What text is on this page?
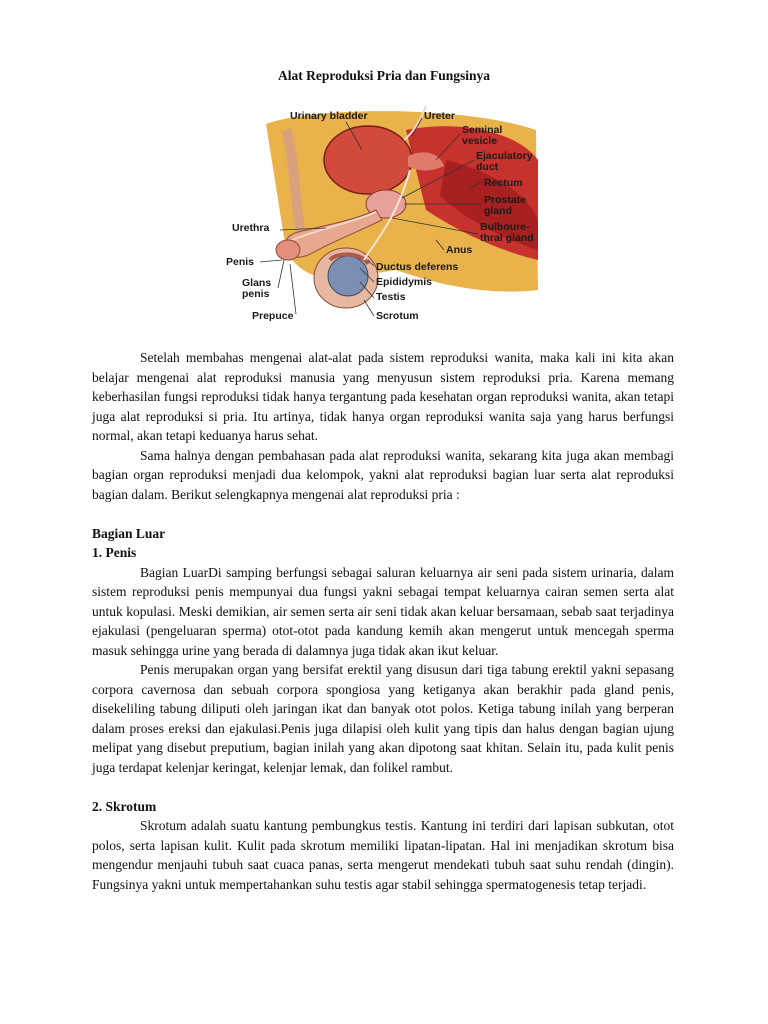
Alat Reproduksi Pria dan Fungsinya
Urinary bladder	Ureter
Seminal
vesicle
Ejaculatory
duct
Rectum
Prostate
gland
Urethra	Bulboure-
thral gland
Anus
Penis	Ductus deferens
Glans
penis
Epididymis
Testis
Prepuce	Scrotum

Setelah membahas mengenai alat-alat pada sistem reproduksi wanita, maka kali ini kita akan belajar mengenai alat reproduksi manusia yang menyusun sistem reproduksi pria. Karena memang keberhasilan fungsi reproduksi tidak hanya tergantung pada kesehatan organ reproduksi wanita, akan tetapi juga alat reproduksi si pria. Itu artinya, tidak hanya organ reproduksi wanita saja yang harus berfungsi normal, akan tetapi keduanya harus sehat.

Sama halnya dengan pembahasan pada alat reproduksi wanita, sekarang kita juga akan membagi bagian organ reproduksi menjadi dua kelompok, yakni alat reproduksi bagian luar serta alat reproduksi bagian dalam. Berikut selengkapnya mengenai alat reproduksi pria :

Bagian Luar
1. Penis

Bagian LuarDi samping berfungsi sebagai saluran keluarnya air seni pada sistem urinaria, dalam sistem reproduksi penis mempunyai dua fungsi yakni sebagai tempat keluarnya cairan semen serta alat untuk kopulasi. Meski demikian, air semen serta air seni tidak akan keluar bersamaan, sebab saat terjadinya ejakulasi (pengeluaran sperma) otot-otot pada kandung kemih akan mengerut untuk mencegah sperma masuk sehingga urine yang berada di dalamnya juga tidak akan ikut keluar.

Penis merupakan organ yang bersifat erektil yang disusun dari tiga tabung erektil yakni sepasang corpora cavernosa dan sebuah corpora spongiosa yang ketiganya akan berakhir pada gland penis, disekeliling tabung diliputi oleh jaringan ikat dan banyak otot polos. Ketiga tabung inilah yang berperan dalam proses ereksi dan ejakulasi.Penis juga dilapisi oleh kulit yang tipis dan halus dengan bagian ujung melipat yang disebut preputium, bagian inilah yang akan dipotong saat khitan. Selain itu, pada kulit penis juga terdapat kelenjar keringat, kelenjar lemak, dan folikel rambut.

2. Skrotum

Skrotum adalah suatu kantung pembungkus testis. Kantung ini terdiri dari lapisan subkutan, otot polos, serta lapisan kulit. Kulit pada skrotum memiliki lipatan-lipatan. Hal ini menjadikan skrotum bisa mengendur menjauhi tubuh saat cuaca panas, serta mengerut mendekati tubuh saat suhu rendah (dingin). Fungsinya yakni untuk mempertahankan suhu testis agar stabil sehingga spermatogenesis tetap terjadi.
